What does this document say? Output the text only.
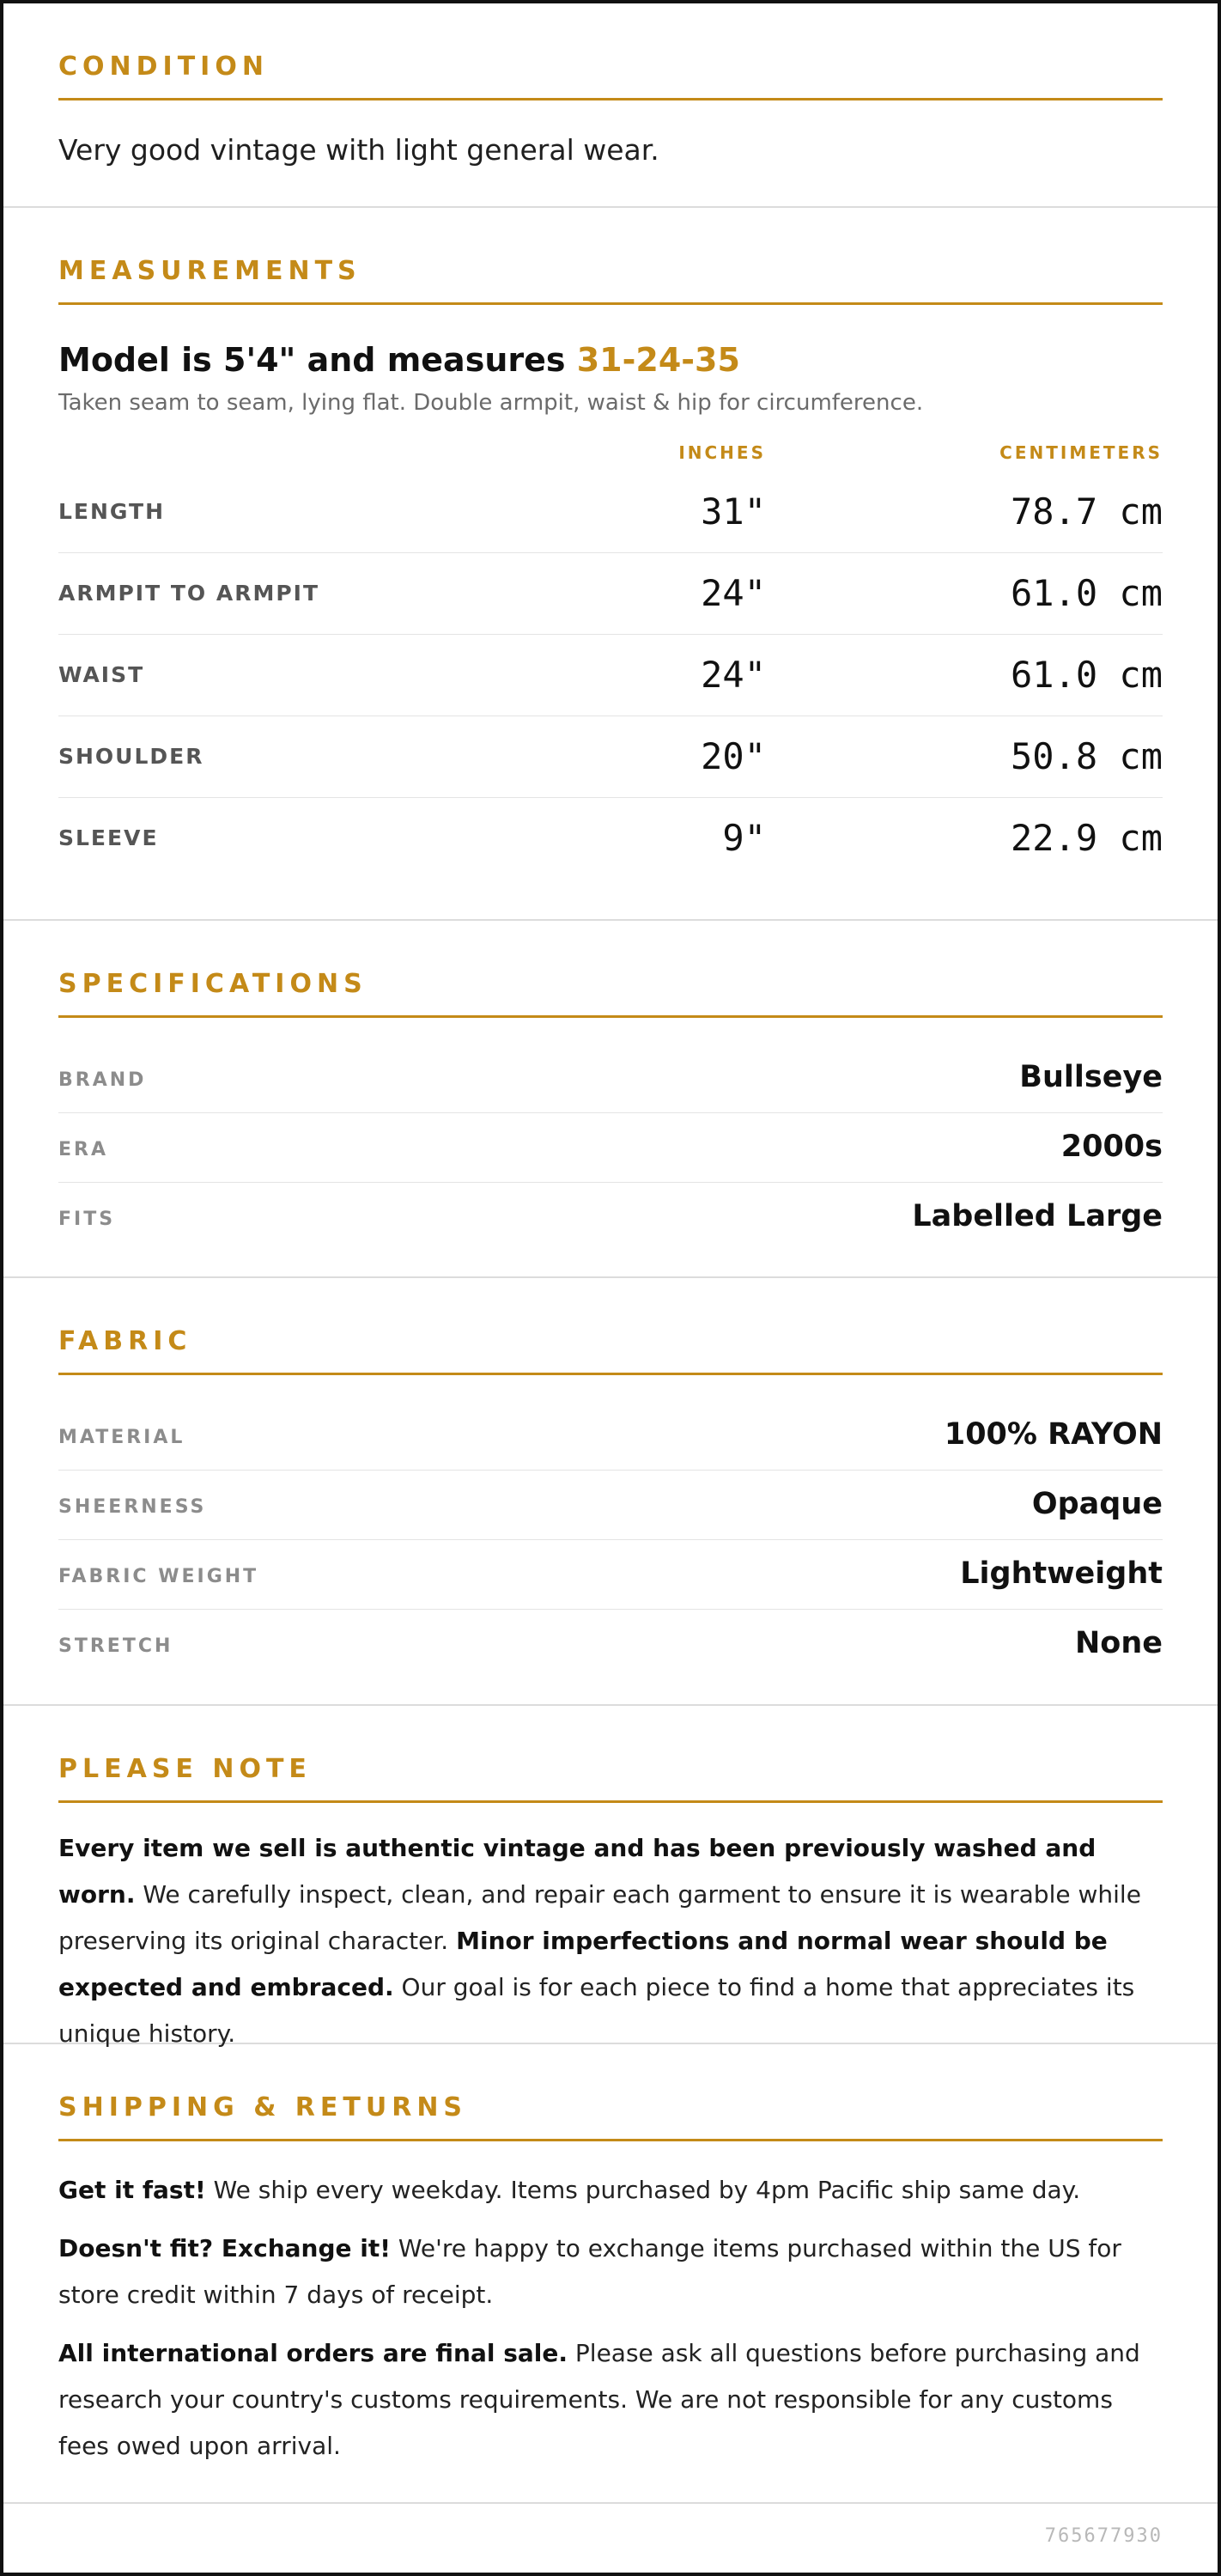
CONDITION
Very good vintage with light general wear.
MEASUREMENTS
Model is 5'4" and measures 31-24-35
Taken seam to seam, lying flat. Double armpit, waist & hip for circumference.
INCHES	CENTIMETERS
LENGTH	31"	78.7 cm
ARMPIT TO ARMPIT	24"	61.0 cm
WAIST	24"	61.0 cm
SHOULDER	20"	50.8 cm
SLEEVE	9"	22.9 cm
SPECIFICATIONS
BRAND	Bullseye
ERA	2000s
FITS	Labelled Large
FABRIC
MATERIAL	100% RAYON
SHEERNESS	Opaque
FABRIC WEIGHT	Lightweight
STRETCH	None
PLEASE NOTE

Every item we sell is authentic vintage and has been previously washed and worn. We carefully inspect, clean, and repair each garment to ensure it is wearable while preserving its original character. Minor imperfections and normal wear should be expected and embraced. Our goal is for each piece to find a home that appreciates its unique history.

SHIPPING & RETURNS

Get it fast! We ship every weekday. Items purchased by 4pm Pacific ship same day.

Doesn't fit? Exchange it! We're happy to exchange items purchased within the US for store credit within 7 days of receipt.

All international orders are final sale. Please ask all questions before purchasing and research your country's customs requirements. We are not responsible for any customs fees owed upon arrival.

765677930
